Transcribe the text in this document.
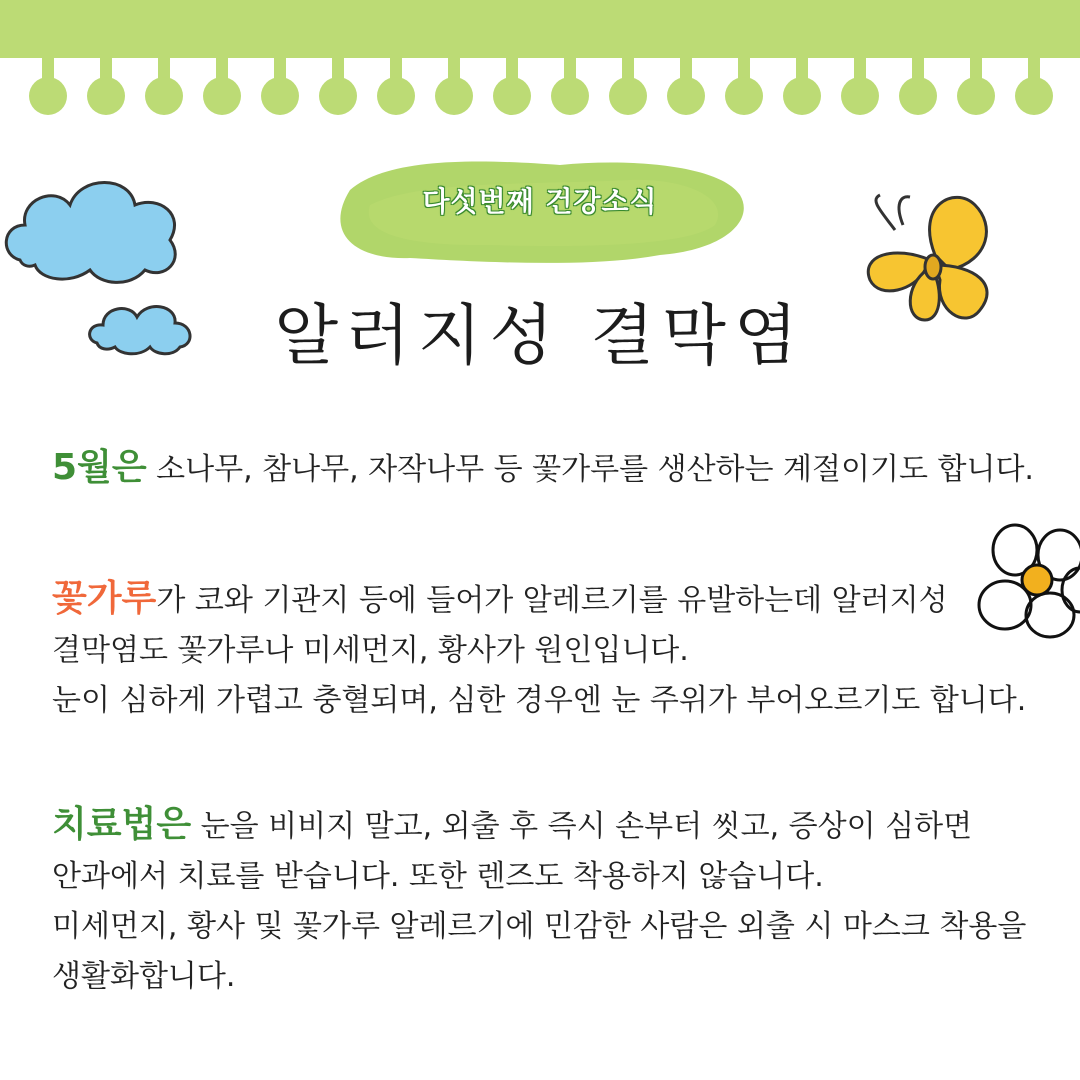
다섯번째 건강소식
알러지성 결막염
5월은 소나무, 참나무, 자작나무 등 꽃가루를 생산하는 계절이기도 합니다.
꽃가루가 코와 기관지 등에 들어가 알레르기를 유발하는데 알러지성
결막염도 꽃가루나 미세먼지, 황사가 원인입니다.
눈이 심하게 가렵고 충혈되며, 심한 경우엔 눈 주위가 부어오르기도 합니다.
치료법은 눈을 비비지 말고, 외출 후 즉시 손부터 씻고, 증상이 심하면
안과에서 치료를 받습니다. 또한 렌즈도 착용하지 않습니다.
미세먼지, 황사 및 꽃가루 알레르기에 민감한 사람은 외출 시 마스크 착용을
생활화합니다.
